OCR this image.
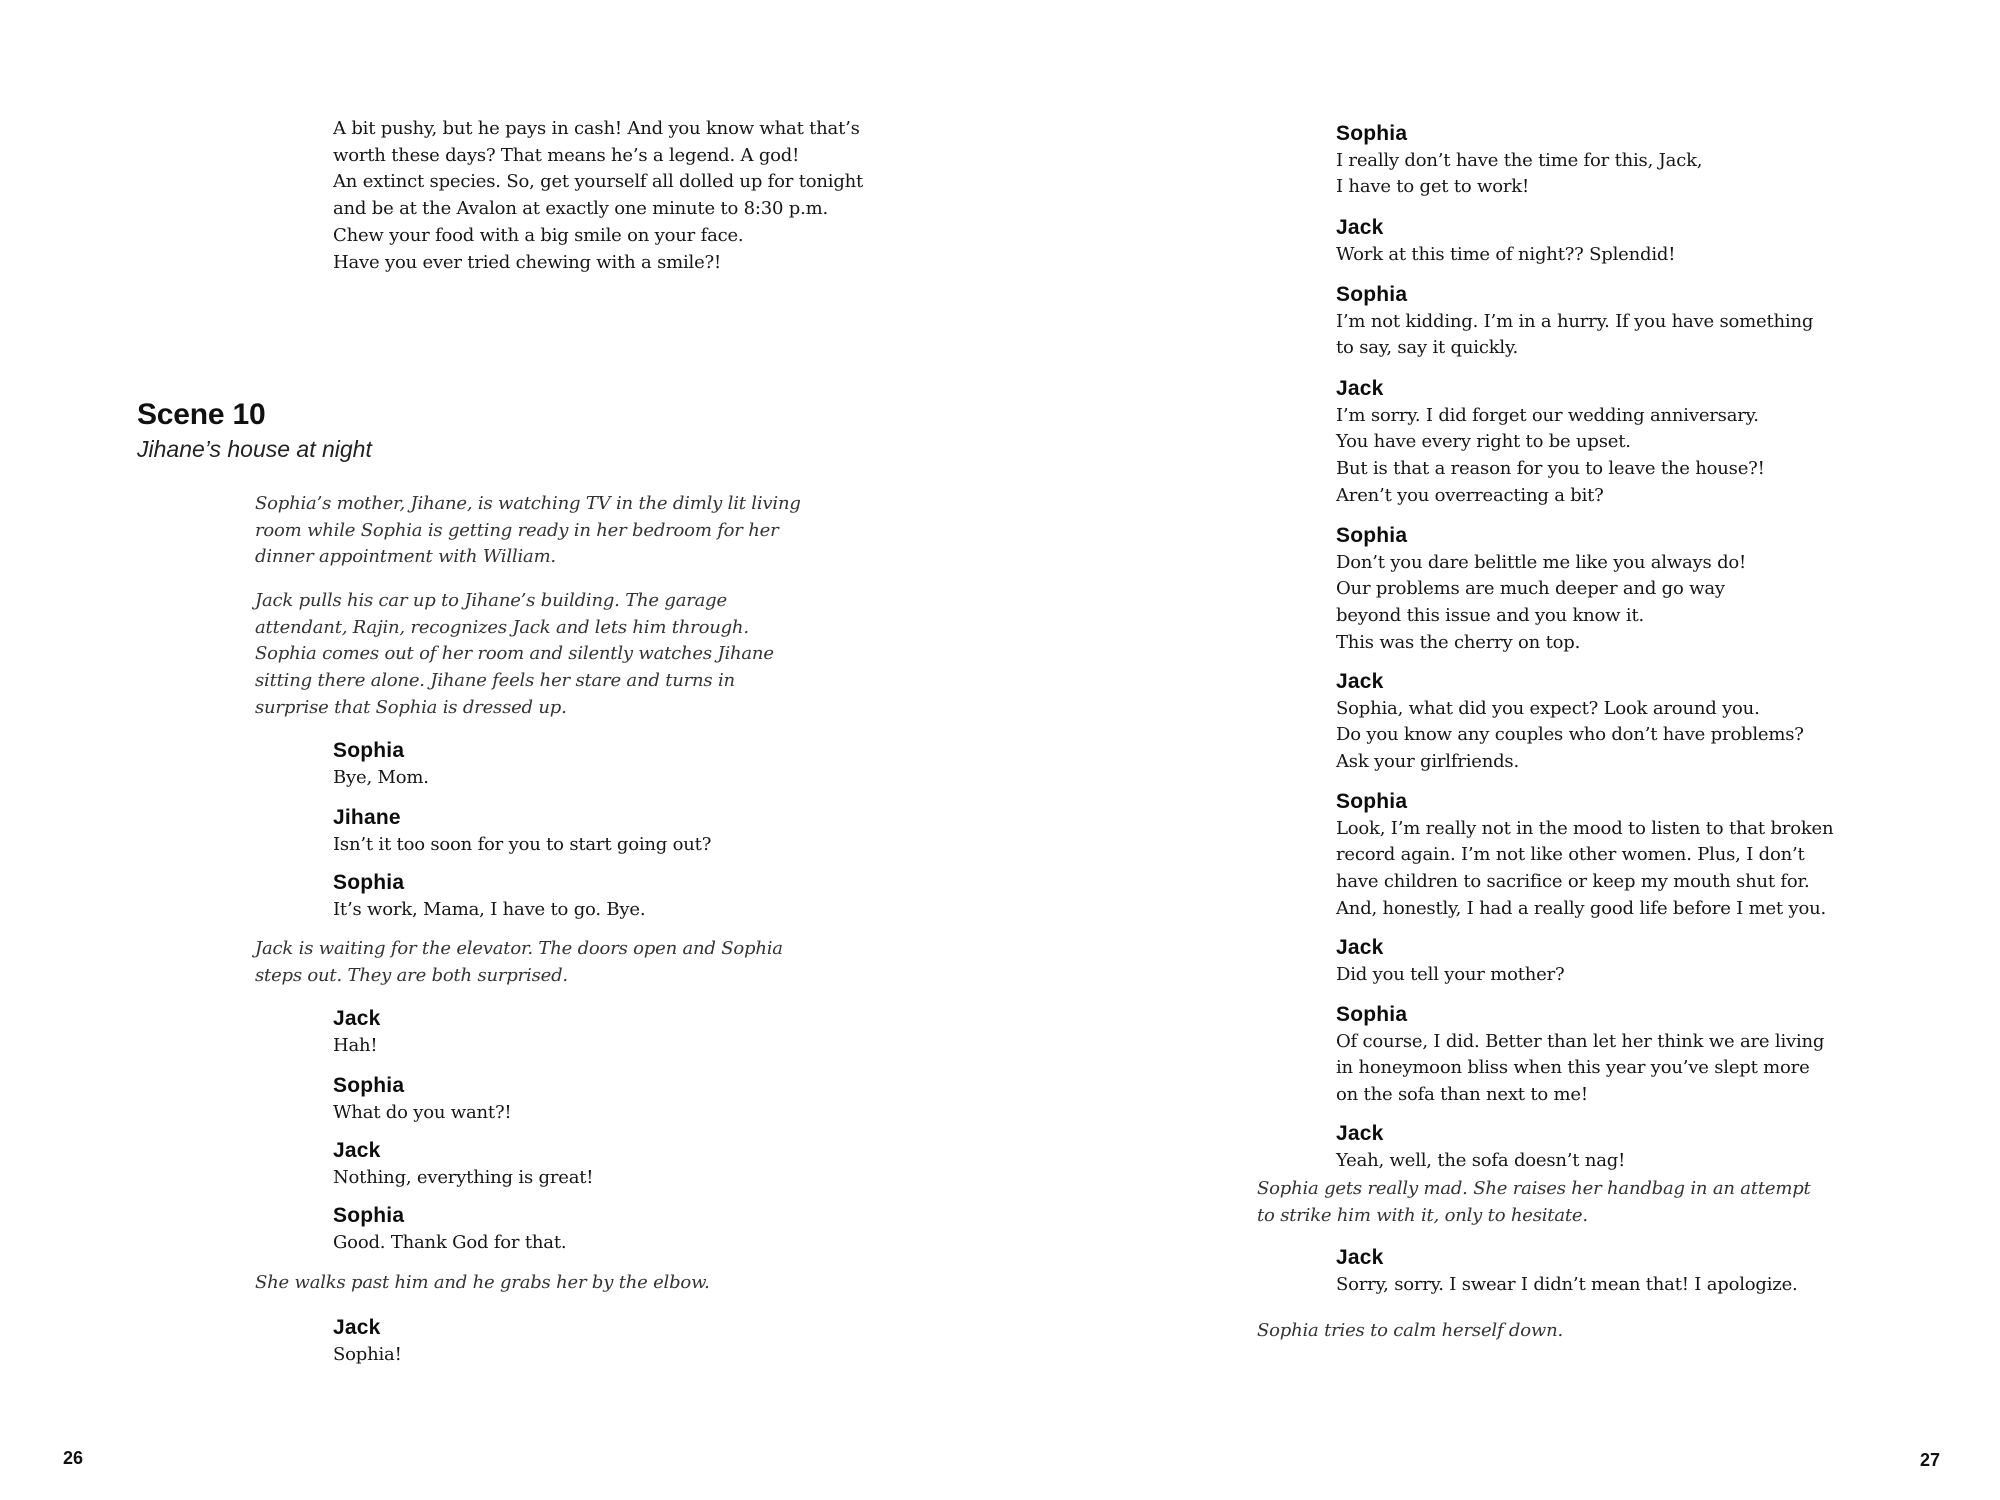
A bit pushy, but he pays in cash! And you know what that’s
worth these days? That means he’s a legend. A god!
An extinct species. So, get yourself all dolled up for tonight
and be at the Avalon at exactly one minute to 8:30 p.m.
Chew your food with a big smile on your face.
Have you ever tried chewing with a smile?!
Scene 10
Jihane’s house at night
Sophia’s mother, Jihane, is watching TV in the dimly lit living
room while Sophia is getting ready in her bedroom for her
dinner appointment with William.
Jack pulls his car up to Jihane’s building. The garage
attendant, Rajin, recognizes Jack and lets him through.
Sophia comes out of her room and silently watches Jihane
sitting there alone. Jihane feels her stare and turns in
surprise that Sophia is dressed up.
Sophia
Bye, Mom.
Jihane
Isn’t it too soon for you to start going out?
Sophia
It’s work, Mama, I have to go. Bye.
Jack is waiting for the elevator. The doors open and Sophia
steps out. They are both surprised.
Jack
Hah!
Sophia
What do you want?!
Jack
Nothing, everything is great!
Sophia
Good. Thank God for that.
She walks past him and he grabs her by the elbow.
Jack
Sophia!
26
Sophia
I really don’t have the time for this, Jack,
I have to get to work!
Jack
Work at this time of night?? Splendid!
Sophia
I’m not kidding. I’m in a hurry. If you have something
to say, say it quickly.
Jack
I’m sorry. I did forget our wedding anniversary.
You have every right to be upset.
But is that a reason for you to leave the house?!
Aren’t you overreacting a bit?
Sophia
Don’t you dare belittle me like you always do!
Our problems are much deeper and go way
beyond this issue and you know it.
This was the cherry on top.
Jack
Sophia, what did you expect? Look around you.
Do you know any couples who don’t have problems?
Ask your girlfriends.
Sophia
Look, I’m really not in the mood to listen to that broken
record again. I’m not like other women. Plus, I don’t
have children to sacrifice or keep my mouth shut for.
And, honestly, I had a really good life before I met you.
Jack
Did you tell your mother?
Sophia
Of course, I did. Better than let her think we are living
in honeymoon bliss when this year you’ve slept more
on the sofa than next to me!
Jack
Yeah, well, the sofa doesn’t nag!
Sophia gets really mad. She raises her handbag in an attempt
to strike him with it, only to hesitate.
Jack
Sorry, sorry. I swear I didn’t mean that! I apologize.
Sophia tries to calm herself down.
27
